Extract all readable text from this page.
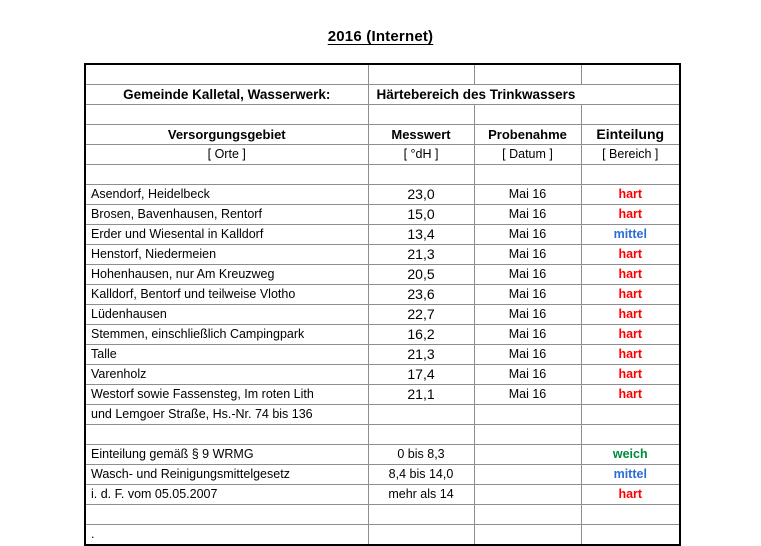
2016 (Internet)

Gemeinde Kalletal, Wasserwerk:	Härtebereich des Trinkwassers		

Versorgungsgebiet	Messwert	Probenahme	Einteilung
[ Orte ]	[ °dH ]	[ Datum ]	[ Bereich ]

Asendorf, Heidelbeck	23,0	Mai 16	hart
Brosen, Bavenhausen, Rentorf	15,0	Mai 16	hart
Erder und Wiesental in Kalldorf	13,4	Mai 16	mittel
Henstorf, Niedermeien	21,3	Mai 16	hart
Hohenhausen, nur Am Kreuzweg	20,5	Mai 16	hart
Kalldorf, Bentorf und teilweise Vlotho	23,6	Mai 16	hart
Lüdenhausen	22,7	Mai 16	hart
Stemmen, einschließlich Campingpark	16,2	Mai 16	hart
Talle	21,3	Mai 16	hart
Varenholz	17,4	Mai 16	hart
Westorf sowie Fassensteg, Im roten Lith	21,1	Mai 16	hart
und Lemgoer Straße, Hs.-Nr. 74 bis 136			

Einteilung gemäß § 9 WRMG	0 bis 8,3		weich
Wasch- und Reinigungsmittelgesetz	8,4 bis 14,0		mittel
i. d. F. vom 05.05.2007	mehr als 14		hart

.			
